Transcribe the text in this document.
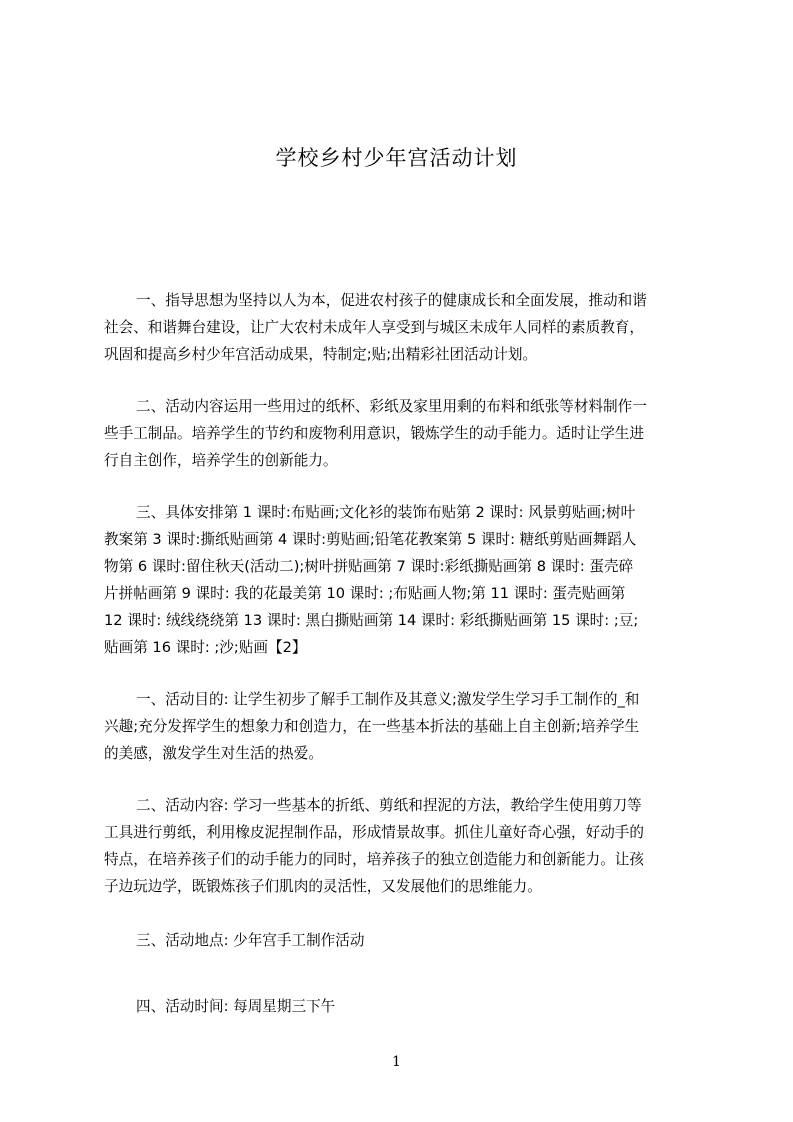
学校乡村少年宫活动计划
一、指导思想为坚持以人为本，促进农村孩子的健康成长和全面发展，推动和谐
社会、和谐舞台建设，让广大农村未成年人享受到与城区未成年人同样的素质教育，
巩固和提高乡村少年宫活动成果，特制定;贴;出精彩社团活动计划。
二、活动内容运用一些用过的纸杯、彩纸及家里用剩的布料和纸张等材料制作一
些手工制品。培养学生的节约和废物利用意识，锻炼学生的动手能力。适时让学生进
行自主创作，培养学生的创新能力。
三、具体安排第 1 课时:布贴画;文化衫的装饰布贴第 2 课时: 风景剪贴画;树叶
教案第 3 课时:撕纸贴画第 4 课时:剪贴画;铅笔花教案第 5 课时: 糖纸剪贴画舞蹈人
物第 6 课时:留住秋天(活动二);树叶拼贴画第 7 课时:彩纸撕贴画第 8 课时: 蛋壳碎
片拼帖画第 9 课时: 我的花最美第 10 课时: ;布贴画人物;第 11 课时: 蛋壳贴画第
12 课时: 绒线绕绕第 13 课时: 黑白撕贴画第 14 课时: 彩纸撕贴画第 15 课时: ;豆;
贴画第 16 课时: ;沙;贴画【2】
一、活动目的: 让学生初步了解手工制作及其意义;激发学生学习手工制作的_和
兴趣;充分发挥学生的想象力和创造力，在一些基本折法的基础上自主创新;培养学生
的美感，激发学生对生活的热爱。
二、活动内容: 学习一些基本的折纸、剪纸和捏泥的方法，教给学生使用剪刀等
工具进行剪纸，利用橡皮泥捏制作品，形成情景故事。抓住儿童好奇心强，好动手的
特点，在培养孩子们的动手能力的同时，培养孩子的独立创造能力和创新能力。让孩
子边玩边学，既锻炼孩子们肌肉的灵活性，又发展他们的思维能力。
三、活动地点: 少年宫手工制作活动
四、活动时间: 每周星期三下午
1
